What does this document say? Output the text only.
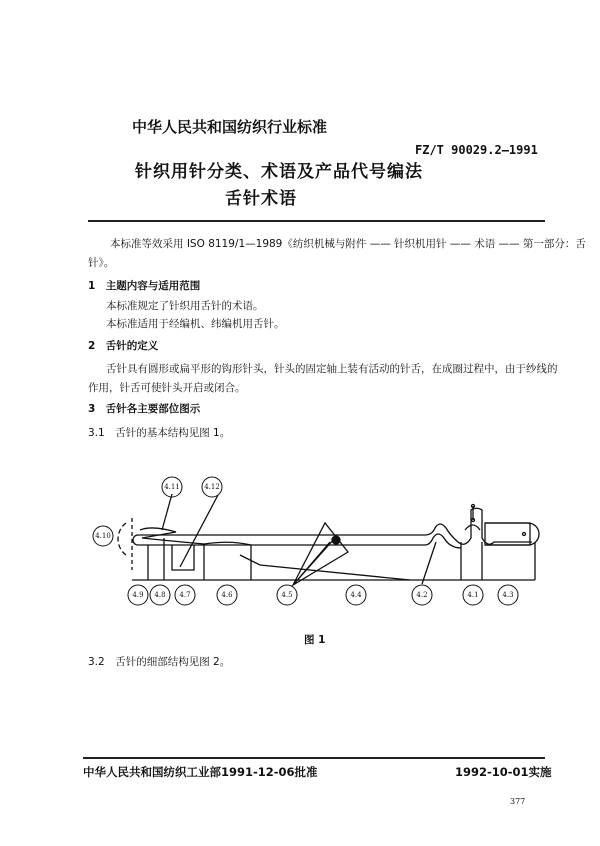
中华人民共和国纺织行业标准
FZ/T 90029.2—1991
针织用针分类、术语及产品代号编法
舌针术语
本标准等效采用 ISO 8119/1—1989《纺织机械与附件 —— 针织机用针 —— 术语 —— 第一部分：舌
针》。
1　主题内容与适用范围
本标准规定了针织用舌针的术语。
本标准适用于经编机、纬编机用舌针。
2　舌针的定义
舌针具有圆形或扁平形的钩形针头，针头的固定轴上装有活动的针舌，在成圈过程中，由于纱线的
作用，针舌可使针头开启或闭合。
3　舌针各主要部位图示
3.1　舌针的基本结构见图 1。
4.9 4.8 4.7	4.6	4.5	4.4	4.2	4.1	4.3
4.10
4.11	4.12
图 1
3.2　舌针的细部结构见图 2。
中华人民共和国纺织工业部1991-12-06批准	1992-10-01实施
377
